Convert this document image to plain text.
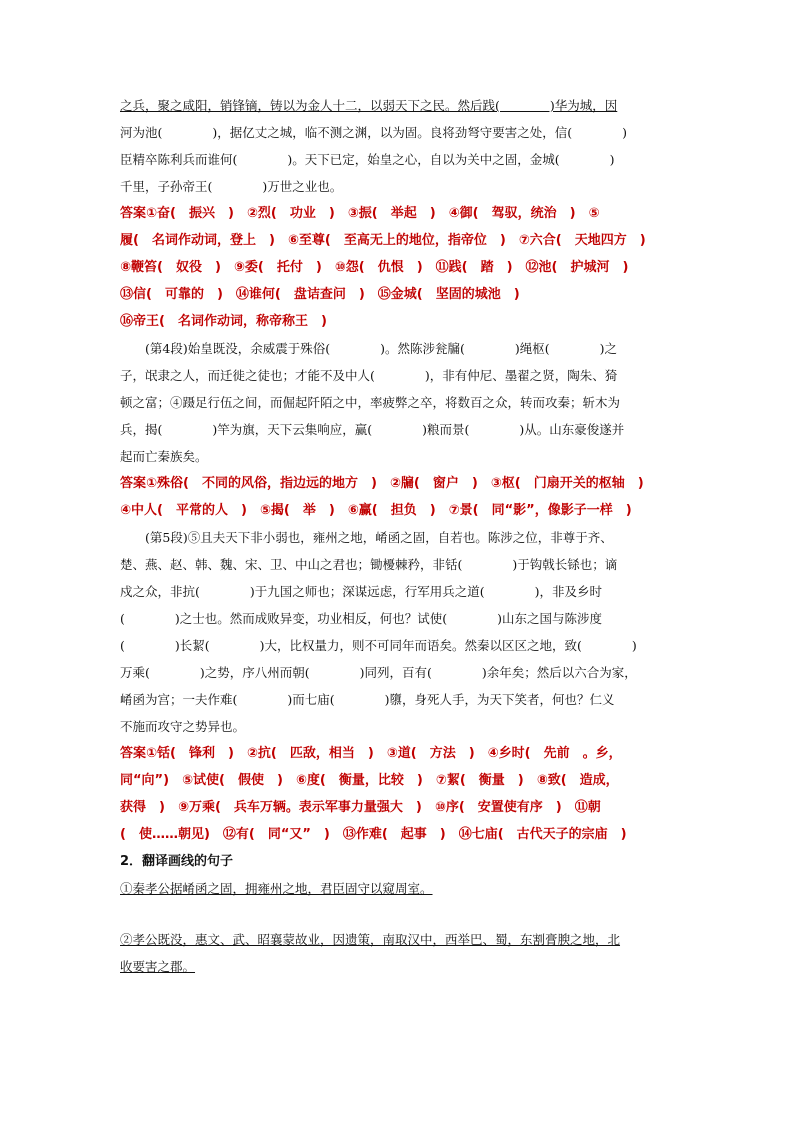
之兵，聚之咸阳，销锋镝，铸以为金人十二，以弱天下之民。然后践(　　　　)华为城，因
河为池(　　　　)，据亿丈之城，临不测之渊，以为固。良将劲弩守要害之处，信(　　　　)
臣精卒陈利兵而谁何(　　　　)。天下已定，始皇之心，自以为关中之固，金城(　　　　)
千里，子孙帝王(　　　　)万世之业也。
答案①奋(　振兴　)　②烈(　功业　)　③振(　举起　)　④御(　驾驭，统治　)　⑤
履(　名词作动词，登上　)　⑥至尊(　至高无上的地位，指帝位　)　⑦六合(　天地四方　)
⑧鞭笞(　奴役　)　⑨委(　托付　)　⑩怨(　仇恨　)　⑪践(　踏　)　⑫池(　护城河　)
⑬信(　可靠的　)　⑭谁何(　盘诘查问　)　⑮金城(　坚固的城池　)
⑯帝王(　名词作动词，称帝称王　)
　　(第4段)始皇既没，余威震于殊俗(　　　　)。然陈涉瓮牖(　　　　)绳枢(　　　　)之
子，氓隶之人，而迁徙之徒也；才能不及中人(　　　　)，非有仲尼、墨翟之贤，陶朱、猗
顿之富；④蹑足行伍之间，而倔起阡陌之中，率疲弊之卒，将数百之众，转而攻秦；斩木为
兵，揭(　　　　)竿为旗，天下云集响应，赢(　　　　)粮而景(　　　　)从。山东豪俊遂并
起而亡秦族矣。
答案①殊俗(　不同的风俗，指边远的地方　)　②牖(　窗户　)　③枢(　门扇开关的枢轴　)
④中人(　平常的人　)　⑤揭(　举　)　⑥赢(　担负　)　⑦景(　同“影”，像影子一样　)
　　(第5段)⑤且夫天下非小弱也，雍州之地，崤函之固，自若也。陈涉之位，非尊于齐、
楚、燕、赵、韩、魏、宋、卫、中山之君也；锄櫌棘矜，非铦(　　　　)于钩戟长铩也；谪
戍之众，非抗(　　　　)于九国之师也；深谋远虑，行军用兵之道(　　　　)，非及乡时
(　　　　)之士也。然而成败异变，功业相反，何也？试使(　　　　)山东之国与陈涉度
(　　　　)长絜(　　　　)大，比权量力，则不可同年而语矣。然秦以区区之地，致(　　　　)
万乘(　　　　)之势，序八州而朝(　　　　)同列，百有(　　　　)余年矣；然后以六合为家，
崤函为宫；一夫作难(　　　　)而七庙(　　　　)隳，身死人手，为天下笑者，何也？仁义
不施而攻守之势异也。
答案①铦(　锋利　)　②抗(　匹敌，相当　)　③道(　方法　)　④乡时(　先前　。乡，
同“向”)　⑤试使(　假使　)　⑥度(　衡量，比较　)　⑦絜(　衡量　)　⑧致(　造成，
获得　)　⑨万乘(　兵车万辆。表示军事力量强大　)　⑩序(　安置使有序　)　⑪朝
(　使……朝见)　⑫有(　同“又”　)　⑬作难(　起事　)　⑭七庙(　古代天子的宗庙　)
2．翻译画线的句子
①秦孝公据崤函之固，拥雍州之地，君臣固守以窥周室。
②孝公既没，惠文、武、昭襄蒙故业，因遗策，南取汉中，西举巴、蜀，东割膏腴之地，北
收要害之郡。
